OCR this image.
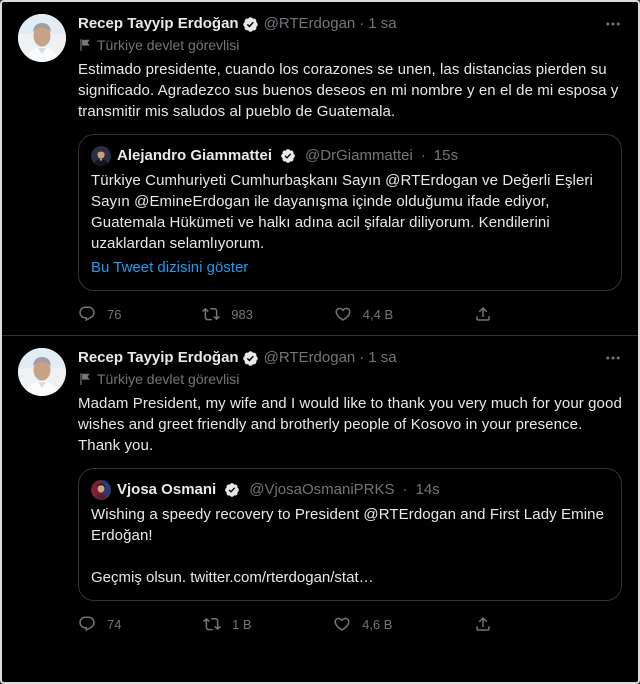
Recep Tayyip Erdoğan @RTErdogan · 1 sa
Türkiye devlet görevlisi
Estimado presidente, cuando los corazones se unen, las distancias pierden su significado. Agradezco sus buenos deseos en mi nombre y en el de mi esposa y transmitir mis saludos al pueblo de Guatemala.
Alejandro Giammattei @DrGiammattei · 15s
Türkiye Cumhuriyeti Cumhurbaşkanı Sayın @RTErdogan ve Değerli Eşleri Sayın @EmineErdogan ile dayanışma içinde olduğumu ifade ediyor, Guatemala Hükümeti ve halkı adına acil şifalar diliyorum. Kendilerini uzaklardan selamlıyorum.
Bu Tweet dizisini göster
76	983	4,4 B
Recep Tayyip Erdoğan @RTErdogan · 1 sa
Türkiye devlet görevlisi
Madam President, my wife and I would like to thank you very much for your good wishes and greet friendly and brotherly people of Kosovo in your presence. Thank you.
Vjosa Osmani @VjosaOsmaniPRKS · 14s
Wishing a speedy recovery to President @RTErdogan and First Lady Emine Erdoğan!
Geçmiş olsun. twitter.com/rterdogan/stat…
74	1 B	4,6 B
